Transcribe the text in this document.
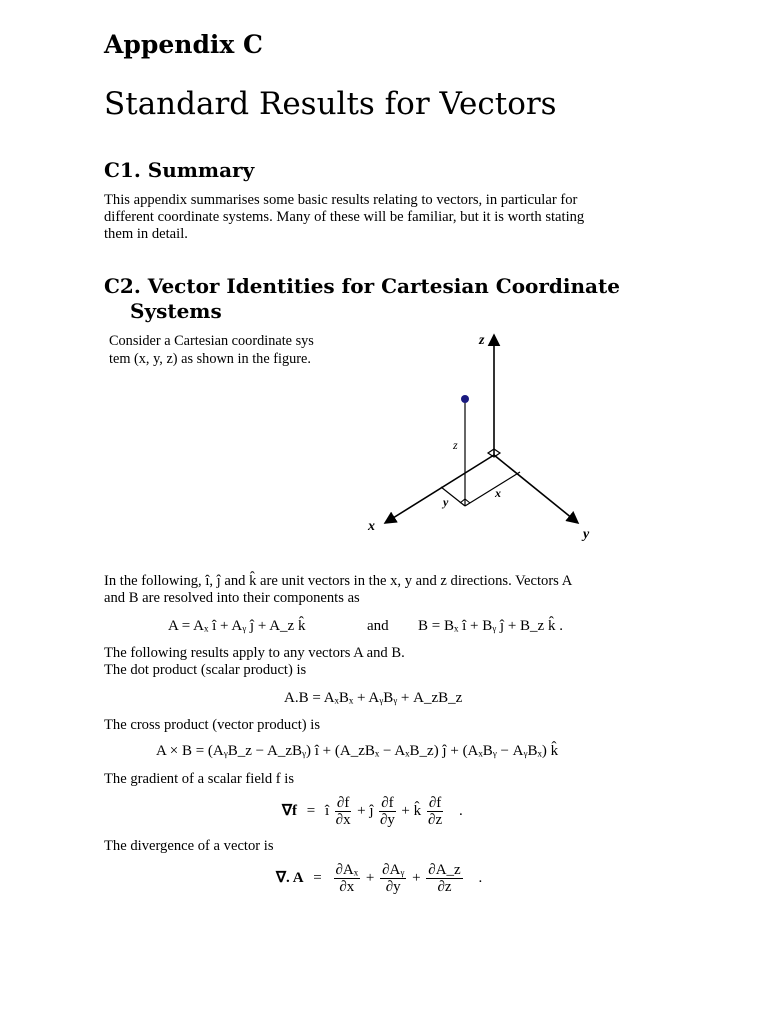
Appendix C
Standard Results for Vectors
C1. Summary
This appendix summarises some basic results relating to vectors, in particular for
different coordinate systems. Many of these will be familiar, but it is worth stating
them in detail.
C2. Vector Identities for Cartesian Coordinate
Systems
Consider a Cartesian coordinate sys
tem (x, y, z) as shown in the figure.
z
x
y
z
y
x
In the following, î, ĵ and k̂ are unit vectors in the x, y and z directions. Vectors A
and B are resolved into their components as
A = Aₓ î + Aᵧ ĵ + A_z k̂	and B = Bₓ î + Bᵧ ĵ + B_z k̂ .
The following results apply to any vectors A and B.
The dot product (scalar product) is
A.B = AₓBₓ + AᵧBᵧ + A_zB_z
The cross product (vector product) is
A × B = (AᵧB_z − A_zBᵧ) î + (A_zBₓ − AₓB_z) ĵ + (AₓBᵧ − AᵧBₓ) k̂
The gradient of a scalar field f is
∇f = î $\frac{\partial f}{\partial x}$ + ĵ $\frac{\partial f}{\partial y}$ + k̂ $\frac{\partial f}{\partial z}$ .
The divergence of a vector is
∇. $A = \frac{\text{∂Aₓ}}{\partial x} + \frac{\text{∂Aᵧ}}{\partial y} + \frac{\partial A\_z}{\partial z}$ .
